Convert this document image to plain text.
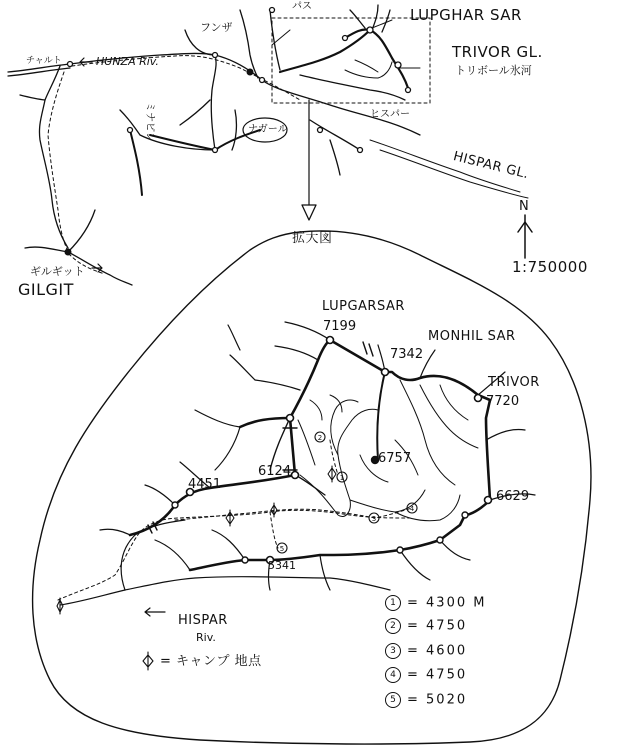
2
1
3
4
5
LUPGHAR SAR
TRIVOR GL.
トリボール氷河
HUNZA Riv.
HISPAR GL.
GILGIT
ギルギット
チャルト
フンザ
パス
ミナピン	ナガール
ヒスパー
N
1:750000
拡大図
LUPGARSAR
7199
MONHIL SAR
7342
TRIVOR
7720
6757
6629
6124
4451
5341
HISPAR
Riv.
= キャンプ 地点
1 = 4300 M
2 = 4750
3 = 4600
4 = 4750
5 = 5020
